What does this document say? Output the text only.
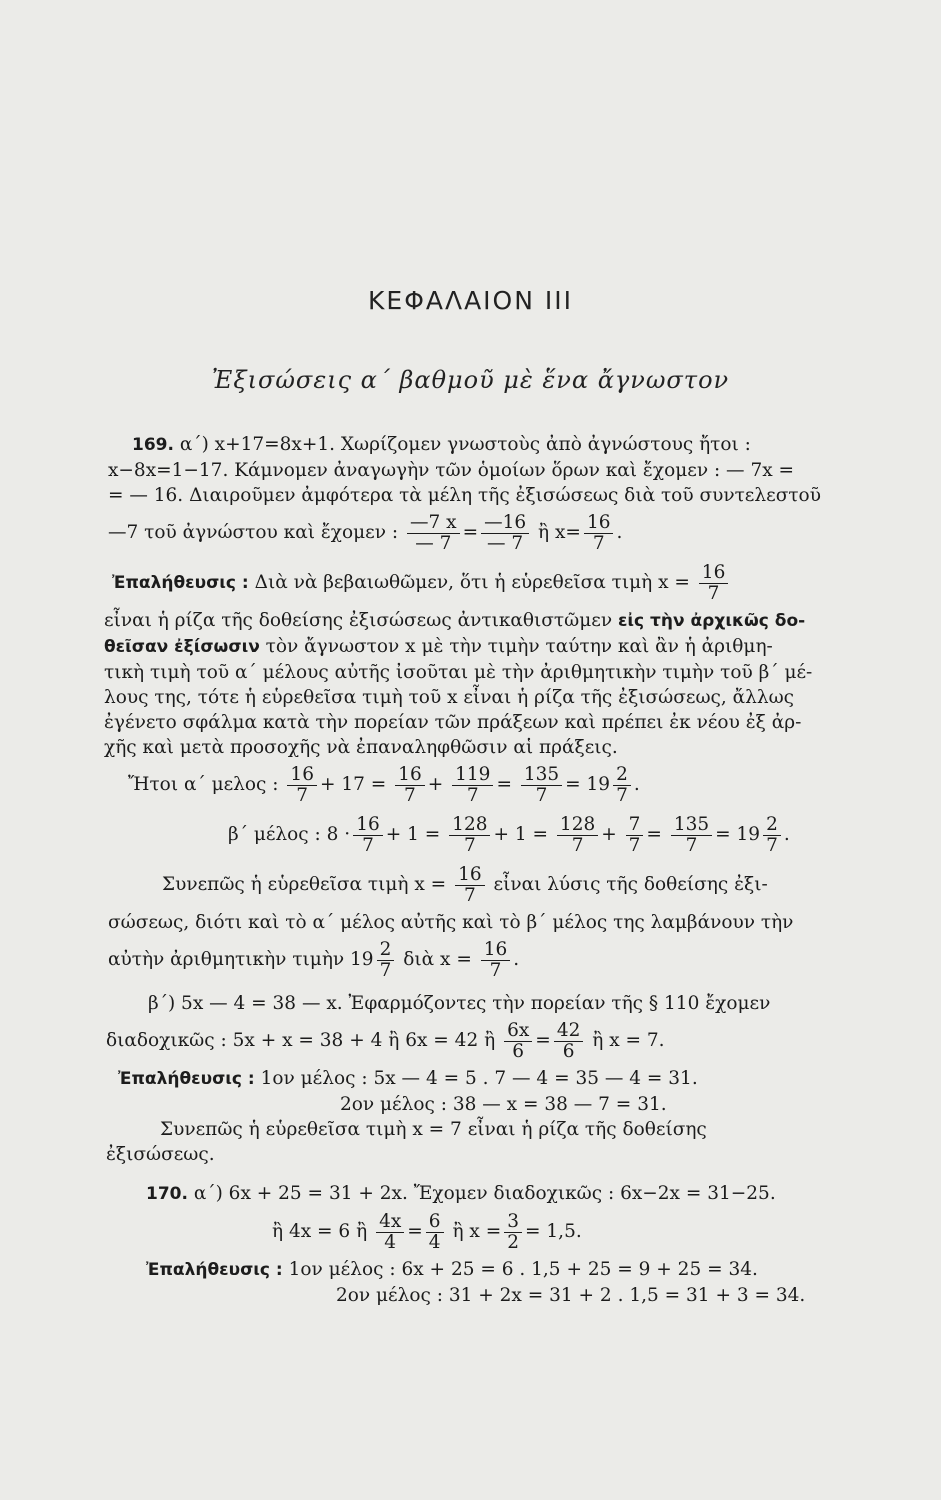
ΚΕΦΑΛΑΙΟΝ III
Ἐξισώσεις α΄ βαθμοῦ μὲ ἕνα ἄγνωστον
169. α΄) x+17=8x+1. Χωρίζομεν γνωστοὺς ἀπὸ ἀγνώστους ἤτοι :
x−8x=1−17. Κάμνομεν ἀναγωγὴν τῶν ὁμοίων ὅρων καὶ ἔχομεν : — 7x =
= — 16. Διαιροῦμεν ἀμφότερα τὰ μέλη τῆς ἐξισώσεως διὰ τοῦ συντελεστοῦ
—7 τοῦ ἀγνώστου καὶ ἔχομεν : $\frac{—7 x}{— 7} = \frac{—16}{— 7}$ ἢ $x= \frac{16}{7}$ .
Ἐπαλήθευσις : Διὰ νὰ βεβαιωθῶμεν, ὅτι ἡ εὑρεθεῖσα τιμὴ $x = \frac{16}{7}$
εἶναι ἡ ρίζα τῆς δοθείσης ἐξισώσεως ἀντικαθιστῶμεν εἰς τὴν ἀρχικῶς δο-
θεῖσαν ἐξίσωσιν τὸν ἄγνωστον x μὲ τὴν τιμὴν ταύτην καὶ ἂν ἡ ἀριθμη-
τικὴ τιμὴ τοῦ α΄ μέλους αὐτῆς ἰσοῦται μὲ τὴν ἀριθμητικὴν τιμὴν τοῦ β΄ μέ-
λους της, τότε ἡ εὑρεθεῖσα τιμὴ τοῦ x εἶναι ἡ ρίζα τῆς ἐξισώσεως, ἄλλως
ἐγένετο σφάλμα κατὰ τὴν πορείαν τῶν πράξεων καὶ πρέπει ἐκ νέου ἐξ ἀρ-
χῆς καὶ μετὰ προσοχῆς νὰ ἐπαναληφθῶσιν αἱ πράξεις.
Ἤτοι α΄ μελος : $\frac{16}{7} + 17 = \frac{16}{7} + \frac{119}{7} = \frac{135}{7} = 19 \frac{2}{7}$ .
β΄ μέλος : $8 \cdot \frac{16}{7} + 1 = \frac{128}{7} + 1 = \frac{128}{7} + \frac{7}{7} = \frac{135}{7} = 19 \frac{2}{7}$ .
Συνεπῶς ἡ εὑρεθεῖσα τιμὴ $x = \frac{16}{7}$ εἶναι λύσις τῆς δοθείσης ἐξι-
σώσεως, διότι καὶ τὸ α΄ μέλος αὐτῆς καὶ τὸ β΄ μέλος της λαμβάνουν τὴν
αὐτὴν ἀριθμητικὴν τιμὴν $19 \frac{2}{7}$ διὰ $x = \frac{16}{7}$ .
β΄) 5x — 4 = 38 — x. Ἐφαρμόζοντες τὴν πορείαν τῆς § 110 ἔχομεν
διαδοχικῶς : 5x + x = 38 + 4 ἢ 6x = 42 ἢ $\frac{6x}{6} = \frac{42}{6}$ ἢ x = 7.
Ἐπαλήθευσις : 1ον μέλος : 5x — 4 = 5 . 7 — 4 = 35 — 4 = 31.
2ον μέλος : 38 — x = 38 — 7 = 31.
Συνεπῶς ἡ εὑρεθεῖσα τιμὴ x = 7 εἶναι ἡ ρίζα τῆς δοθείσης
ἐξισώσεως.
170. α΄) 6x + 25 = 31 + 2x. Ἔχομεν διαδοχικῶς : 6x−2x = 31−25.
ἢ 4x = 6 ἢ $\frac{4x}{4} = \frac{6}{4}$ ἢ $x = \frac{3}{2} = 1,5$.
Ἐπαλήθευσις : 1ον μέλος : 6x + 25 = 6 . 1,5 + 25 = 9 + 25 = 34.
2ον μέλος : 31 + 2x = 31 + 2 . 1,5 = 31 + 3 = 34.
